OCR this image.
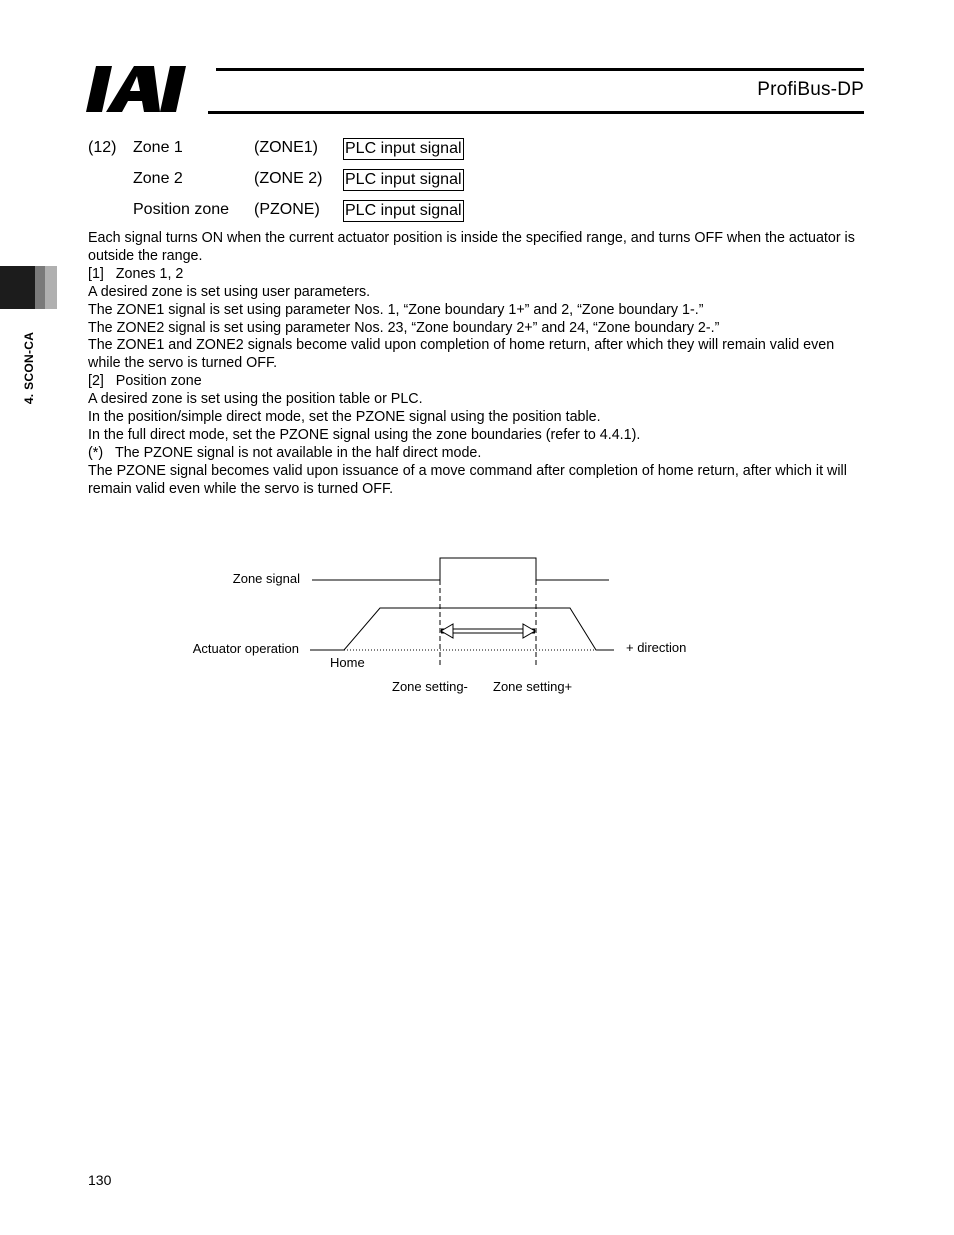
ProfiBus-DP
4. SCON-CA
(12) Zone 1	(ZONE1) PLC input signal
Zone 2	(ZONE 2) PLC input signal
Position zone (PZONE) PLC input signal

Each signal turns ON when the current actuator position is inside the specified range, and turns OFF when the actuator is outside the range.

[1]   Zones 1, 2

A desired zone is set using user parameters.

The ZONE1 signal is set using parameter Nos. 1, “Zone boundary 1+” and 2, “Zone boundary 1-.”

The ZONE2 signal is set using parameter Nos. 23, “Zone boundary 2+” and 24, “Zone boundary 2-.”

The ZONE1 and ZONE2 signals become valid upon completion of home return, after which they will remain valid even while the servo is turned OFF.

[2]   Position zone

A desired zone is set using the position table or PLC.

In the position/simple direct mode, set the PZONE signal using the position table.

In the full direct mode, set the PZONE signal using the zone boundaries (refer to 4.4.1).

(*)   The PZONE signal is not available in the half direct mode.

The PZONE signal becomes valid upon issuance of a move command after completion of home return, after which it will remain valid even while the servo is turned OFF.

Zone signal
Actuator operation
Home
+ direction
Zone setting- Zone setting+
130
